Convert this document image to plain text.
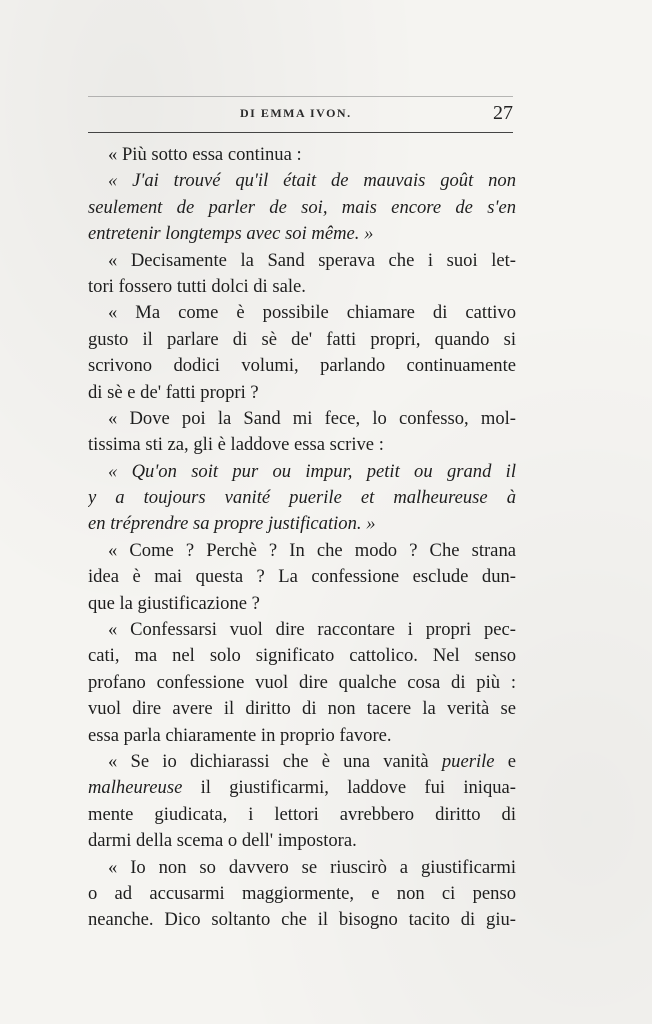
DI EMMA IVON.	27
« Più sotto essa continua :
« J'ai trouvé qu'il était de mauvais goût non
seulement de parler de soi, mais encore de s'en
entretenir longtemps avec soi même. »
« Decisamente la Sand sperava che i suoi let-
tori fossero tutti dolci di sale.
« Ma come è possibile chiamare di cattivo
gusto il parlare di sè de' fatti propri, quando si
scrivono dodici volumi, parlando continuamente
di sè e de' fatti propri ?
« Dove poi la Sand mi fece, lo confesso, mol-
tissima sti za, gli è laddove essa scrive :
« Qu'on soit pur ou impur, petit ou grand il
y a toujours vanité puerile et malheureuse à
en tréprendre sa propre justification. »
« Come ? Perchè ? In che modo ? Che strana
idea è mai questa ? La confessione esclude dun-
que la giustificazione ?
« Confessarsi vuol dire raccontare i propri pec-
cati, ma nel solo significato cattolico. Nel senso
profano confessione vuol dire qualche cosa di più :
vuol dire avere il diritto di non tacere la verità se
essa parla chiaramente in proprio favore.
« Se io dichiarassi che è una vanità puerile e
malheureuse il giustificarmi, laddove fui iniqua-
mente giudicata, i lettori avrebbero diritto di
darmi della scema o dell' impostora.
« Io non so davvero se riuscirò a giustificarmi
o ad accusarmi maggiormente, e non ci penso
neanche. Dico soltanto che il bisogno tacito di giu-
